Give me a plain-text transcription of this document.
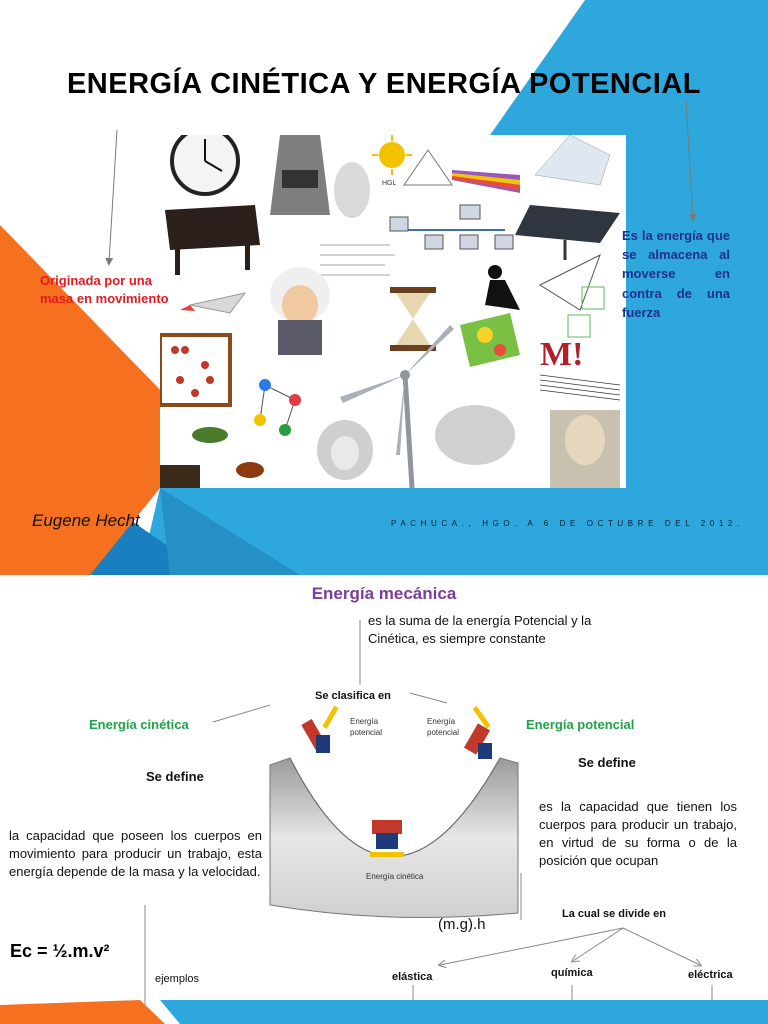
ENERGÍA CINÉTICA Y ENERGÍA POTENCIAL
HGL
M!
Originada por una masa en movimiento
Es la energía que se almacena al moverse en contra de una fuerza
Eugene Hecht	PACHUCA., HGO. A 6 DE OCTUBRE DEL 2012.
Energía mecánica
es la suma de la energía Potencial y la Cinética, es siempre constante
Se clasifica en
Energía cinética	Energía potencial
Energía potencial
Energía potencial
Energía cinética
Se define
Se define
la capacidad que poseen los cuerpos en movimiento para producir un trabajo, esta energía depende de la masa y la velocidad.
es la capacidad que tienen los cuerpos para producir un trabajo, en virtud de su forma o de la posición que ocupan
Ec = ½.m.v²
(m.g).h
La cual se divide en
ejemplos	elástica	química	eléctrica
